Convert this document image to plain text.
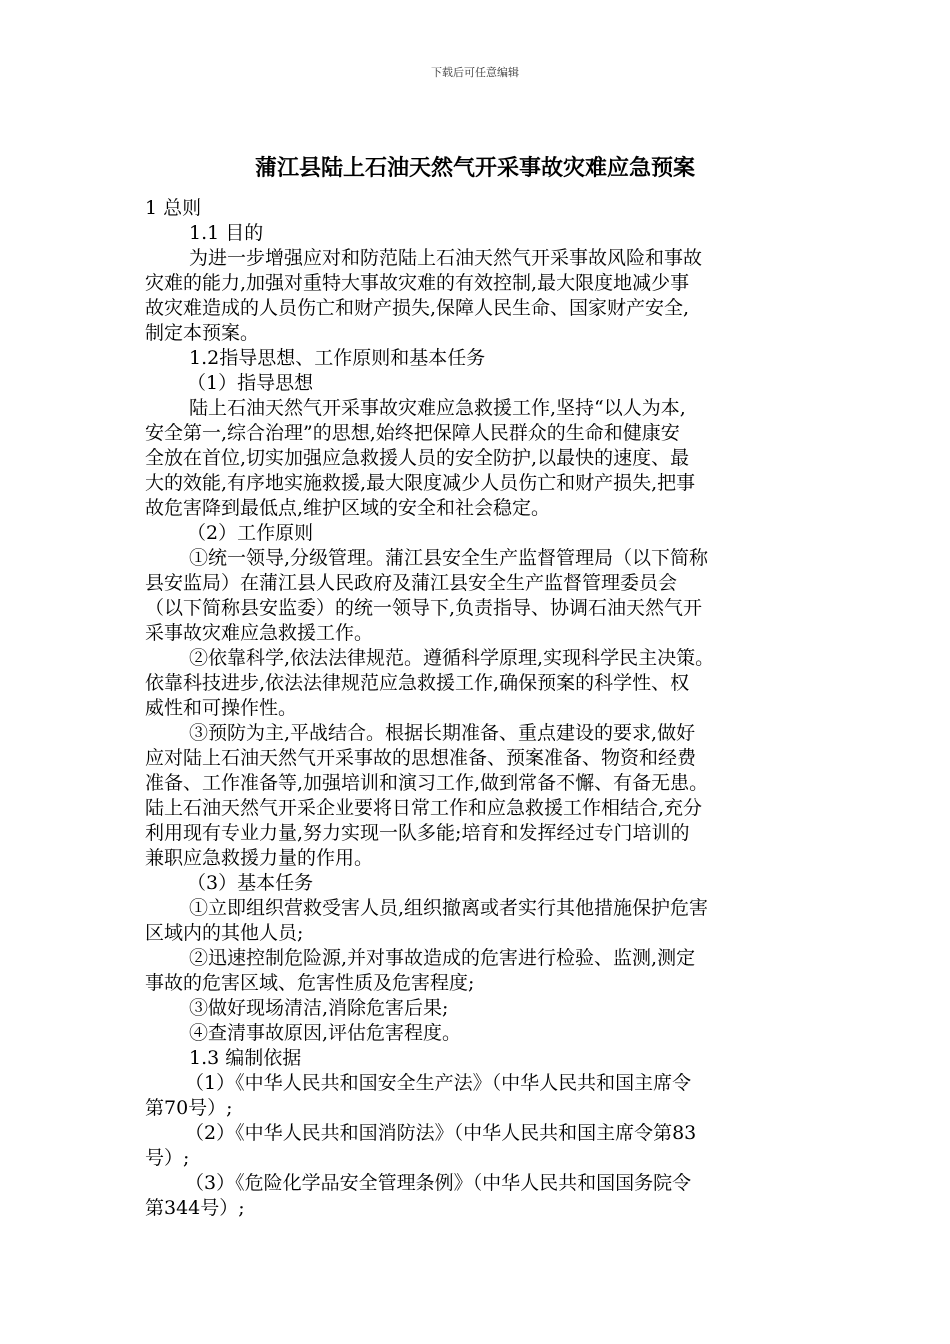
下载后可任意编辑
蒲江县陆上石油天然气开采事故灾难应急预案
1 总则
1.1 目的
为进一步增强应对和防范陆上石油天然气开采事故风险和事故
灾难的能力,加强对重特大事故灾难的有效控制,最大限度地减少事
故灾难造成的人员伤亡和财产损失,保障人民生命、国家财产安全,
制定本预案。
1.2指导思想、工作原则和基本任务
（1）指导思想
陆上石油天然气开采事故灾难应急救援工作,坚持“以人为本,
安全第一,综合治理”的思想,始终把保障人民群众的生命和健康安
全放在首位,切实加强应急救援人员的安全防护,以最快的速度、最
大的效能,有序地实施救援,最大限度减少人员伤亡和财产损失,把事
故危害降到最低点,维护区域的安全和社会稳定。
（2）工作原则
①统一领导,分级管理。蒲江县安全生产监督管理局（以下简称
县安监局）在蒲江县人民政府及蒲江县安全生产监督管理委员会
（以下简称县安监委）的统一领导下,负责指导、协调石油天然气开
采事故灾难应急救援工作。
②依靠科学,依法法律规范。遵循科学原理,实现科学民主决策。
依靠科技进步,依法法律规范应急救援工作,确保预案的科学性、权
威性和可操作性。
③预防为主,平战结合。根据长期准备、重点建设的要求,做好
应对陆上石油天然气开采事故的思想准备、预案准备、物资和经费
准备、工作准备等,加强培训和演习工作,做到常备不懈、有备无患。
陆上石油天然气开采企业要将日常工作和应急救援工作相结合,充分
利用现有专业力量,努力实现一队多能;培育和发挥经过专门培训的
兼职应急救援力量的作用。
（3）基本任务
①立即组织营救受害人员,组织撤离或者实行其他措施保护危害
区域内的其他人员;
②迅速控制危险源,并对事故造成的危害进行检验、监测,测定
事故的危害区域、危害性质及危害程度;
③做好现场清洁,消除危害后果;
④查清事故原因,评估危害程度。
1.3 编制依据
（1）《中华人民共和国安全生产法》（中华人民共和国主席令
第70号）;
（2）《中华人民共和国消防法》（中华人民共和国主席令第83
号）;
（3）《危险化学品安全管理条例》（中华人民共和国国务院令
第344号）;
